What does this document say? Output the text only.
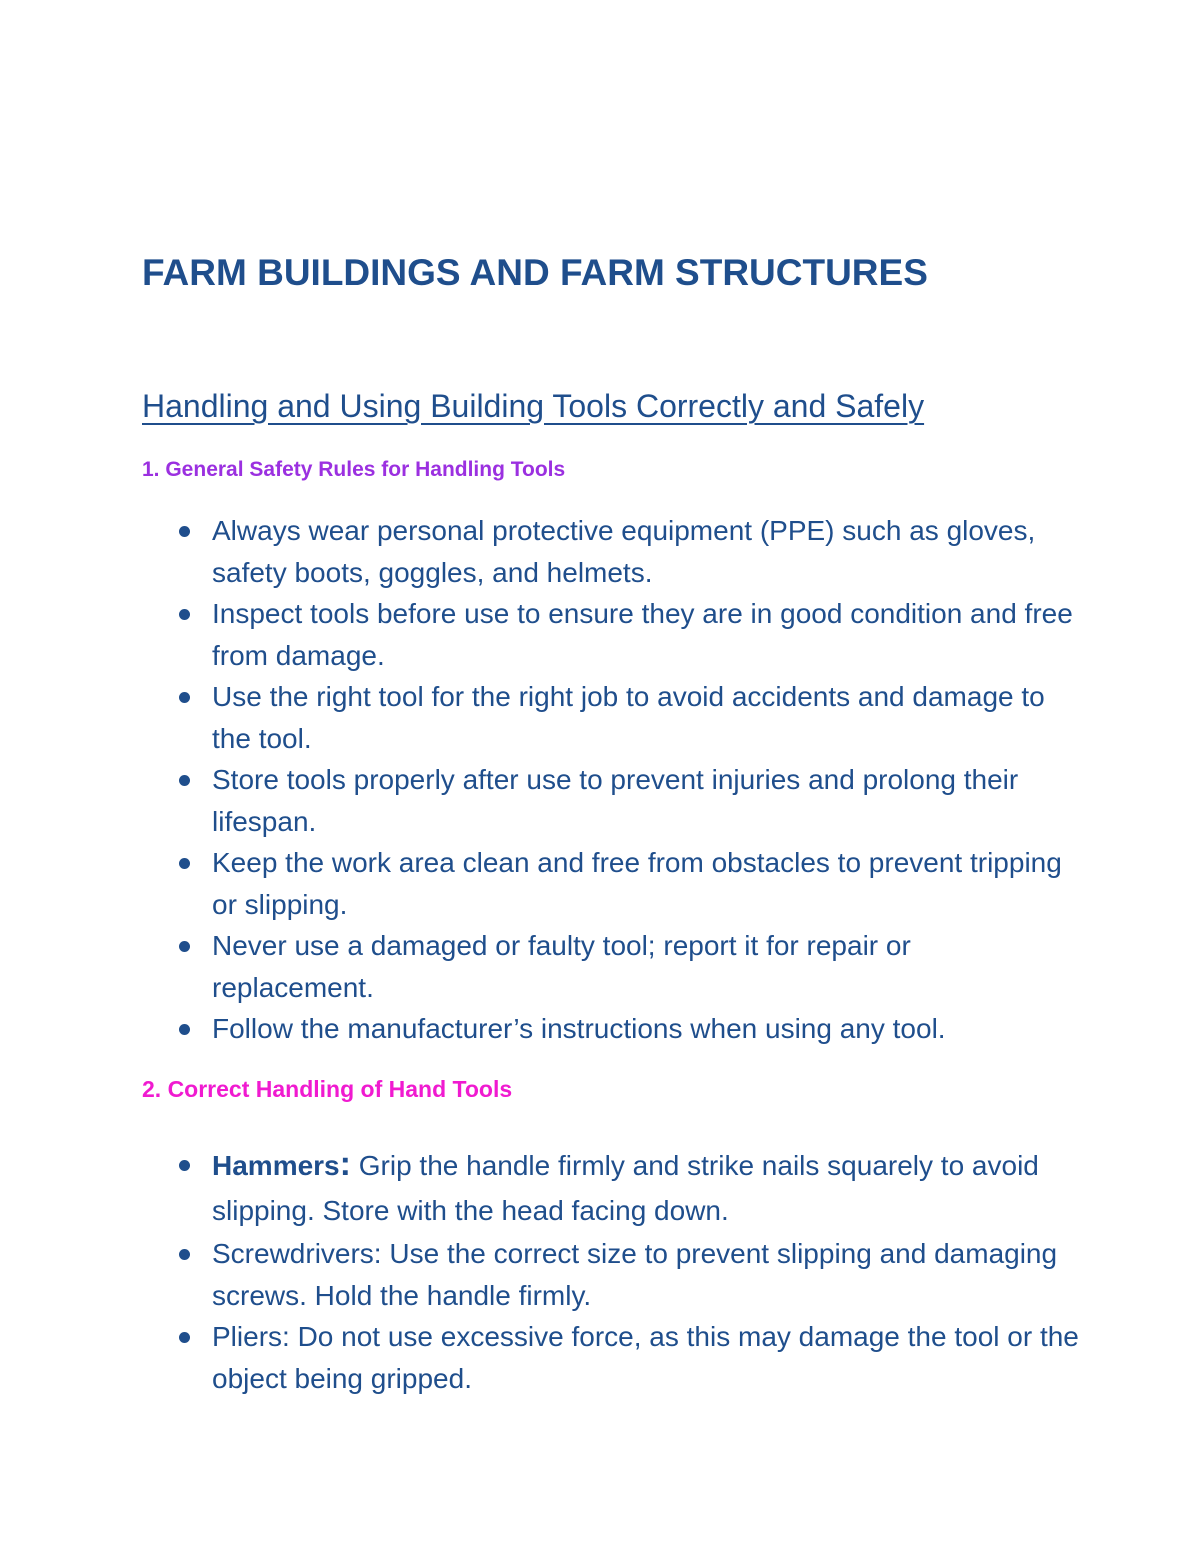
FARM BUILDINGS AND FARM STRUCTURES
Handling and Using Building Tools Correctly and Safely
1. General Safety Rules for Handling Tools
Always wear personal protective equipment (PPE) such as gloves, safety boots, goggles, and helmets.
Inspect tools before use to ensure they are in good condition and free from damage.
Use the right tool for the right job to avoid accidents and damage to the tool.
Store tools properly after use to prevent injuries and prolong their lifespan.
Keep the work area clean and free from obstacles to prevent tripping or slipping.
Never use a damaged or faulty tool; report it for repair or replacement.
Follow the manufacturer’s instructions when using any tool.
2. Correct Handling of Hand Tools
Hammers: Grip the handle firmly and strike nails squarely to avoid slipping. Store with the head facing down.
Screwdrivers: Use the correct size to prevent slipping and damaging screws. Hold the handle firmly.
Pliers: Do not use excessive force, as this may damage the tool or the object being gripped.
